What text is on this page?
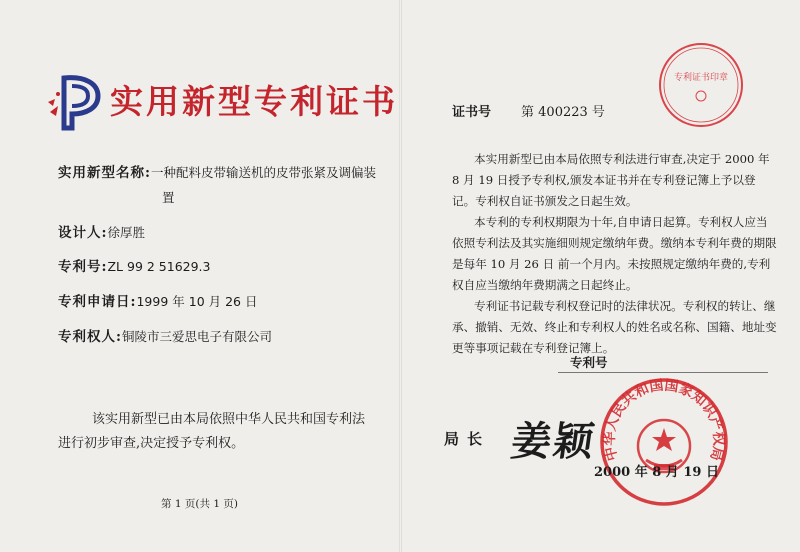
实用新型专利证书
实用新型名称:一种配料皮带输送机的皮带张紧及调偏装
置
设计人:徐厚胜
专利号:ZL 99 2 51629.3
专利申请日:1999 年 10 月 26 日
专利权人:铜陵市三爱思电子有限公司

该实用新型已由本局依照中华人民共和国专利法

进行初步审查,决定授予专利权。

第 1 页(共 1 页)
专利证书印章
证书号 第 400223 号

本实用新型已由本局依照专利法进行审查,决定于 2000 年 8 月 19 日授予专利权,颁发本证书并在专利登记簿上予以登记。专利权自证书颁发之日起生效。

本专利的专利权期限为十年,自申请日起算。专利权人应当依照专利法及其实施细则规定缴纳年费。缴纳本专利年费的期限是每年 10 月 26 日 前一个月内。未按照规定缴纳年费的,专利权自应当缴纳年费期满之日起终止。

专利证书记载专利权登记时的法律状况。专利权的转让、继承、撤销、无效、终止和专利权人的姓名或名称、国籍、地址变更等事项记载在专利登记簿上。

专利号
局长 姜颖 中华人民共和国国家知识产权局
2000 年 8 月 19 日
